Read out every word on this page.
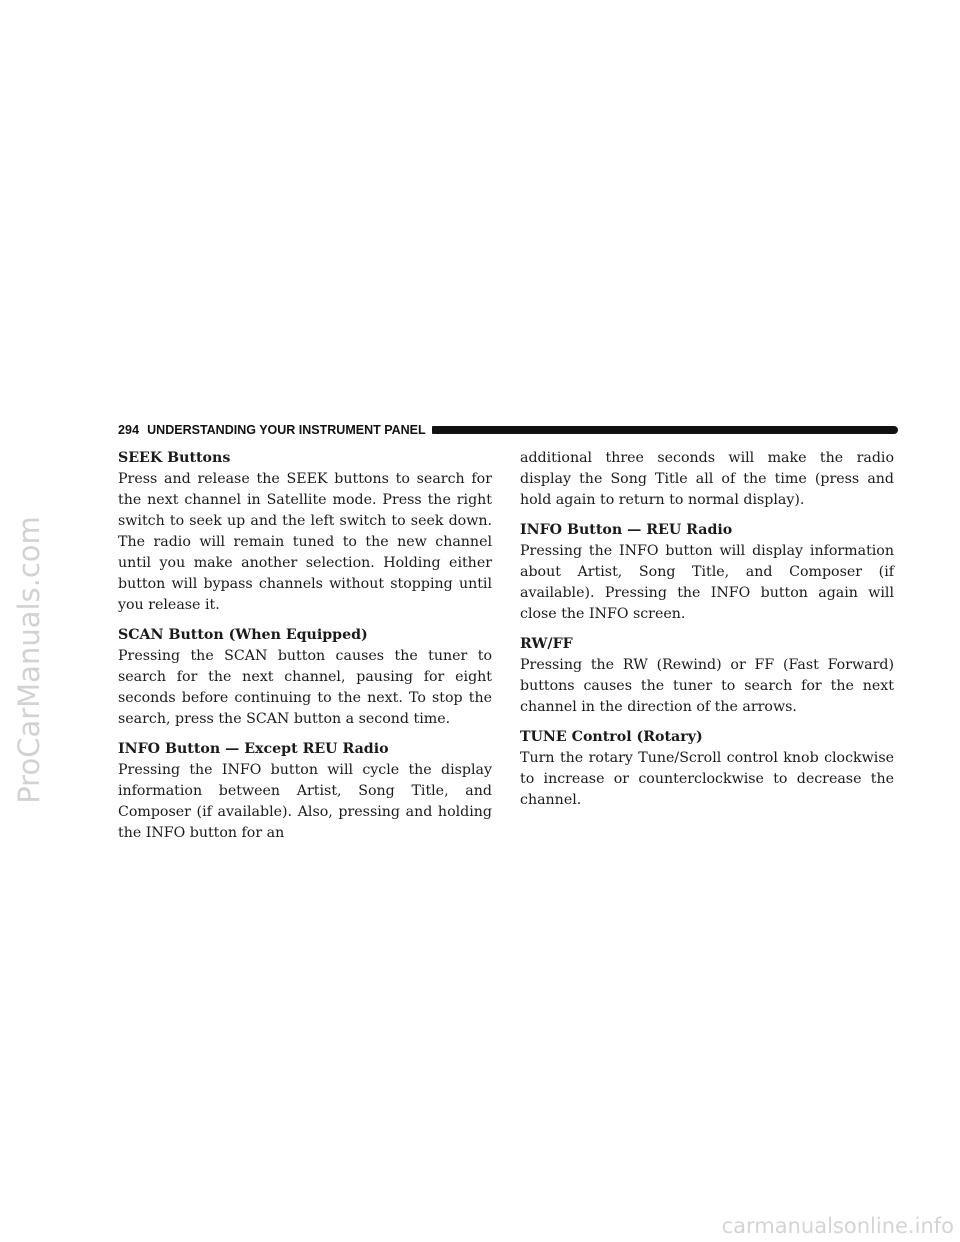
ProCarManuals.com
294 UNDERSTANDING YOUR INSTRUMENT PANEL
SEEK Buttons

Press and release the SEEK buttons to search for the next channel in Satellite mode. Press the right switch to seek up and the left switch to seek down. The radio will remain tuned to the new channel until you make another selection. Holding either button will bypass channels without stopping until you release it.

SCAN Button (When Equipped)

Pressing the SCAN button causes the tuner to search for the next channel, pausing for eight seconds before continuing to the next. To stop the search, press the SCAN button a second time.

INFO Button — Except REU Radio

Pressing the INFO button will cycle the display information between Artist, Song Title, and Composer (if available). Also, pressing and holding the INFO button for an

additional three seconds will make the radio display the Song Title all of the time (press and hold again to return to normal display).

INFO Button — REU Radio

Pressing the INFO button will display information about Artist, Song Title, and Composer (if available). Pressing the INFO button again will close the INFO screen.

RW/FF

Pressing the RW (Rewind) or FF (Fast Forward) buttons causes the tuner to search for the next channel in the direction of the arrows.

TUNE Control (Rotary)

Turn the rotary Tune/Scroll control knob clockwise to increase or counterclockwise to decrease the channel.

carmanualsonline.info
